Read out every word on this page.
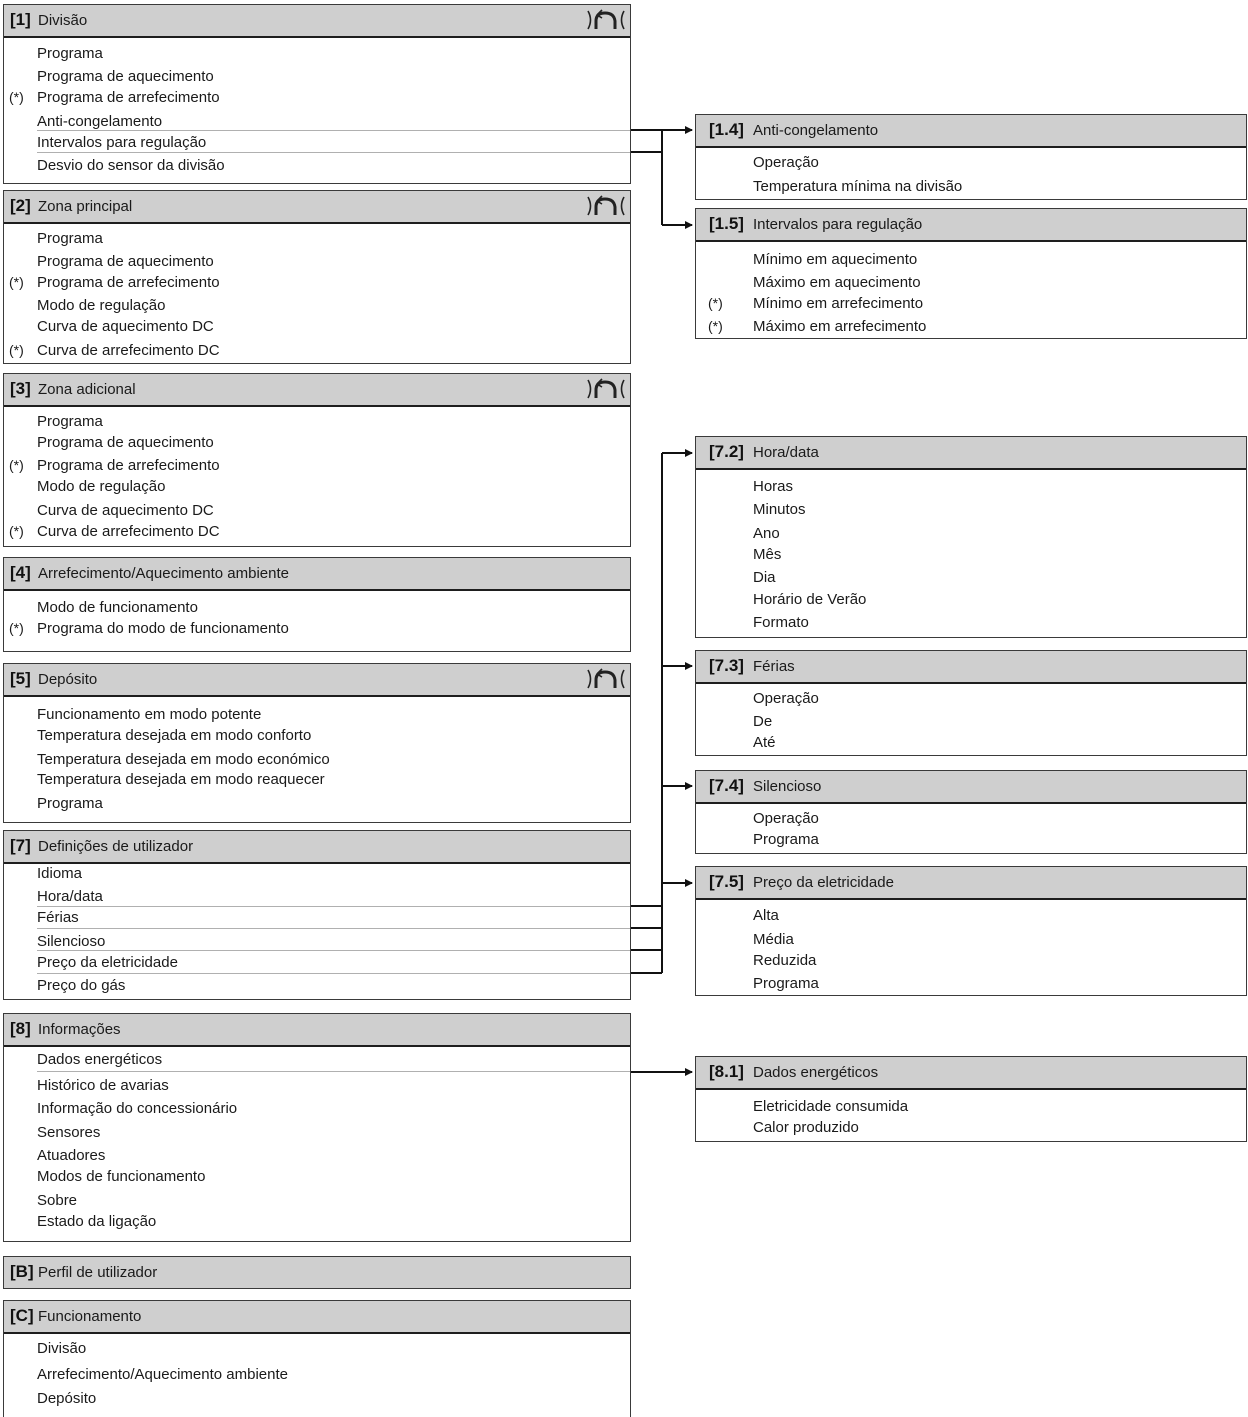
[1] Divisão
Programa
Programa de aquecimento
(*) Programa de arrefecimento
Anti-congelamento
Intervalos para regulação
Desvio do sensor da divisão
[2] Zona principal
Programa
Programa de aquecimento
(*) Programa de arrefecimento
Modo de regulação
Curva de aquecimento DC
(*) Curva de arrefecimento DC
[3] Zona adicional
Programa
Programa de aquecimento
(*) Programa de arrefecimento
Modo de regulação
Curva de aquecimento DC
(*) Curva de arrefecimento DC
[4] Arrefecimento/Aquecimento ambiente
Modo de funcionamento
(*) Programa do modo de funcionamento
[5] Depósito
Funcionamento em modo potente
Temperatura desejada em modo conforto
Temperatura desejada em modo económico
Temperatura desejada em modo reaquecer
Programa
[7] Definições de utilizador
Idioma
Hora/data
Férias
Silencioso
Preço da eletricidade
Preço do gás
[8] Informações
Dados energéticos
Histórico de avarias
Informação do concessionário
Sensores
Atuadores
Modos de funcionamento
Sobre
Estado da ligação
[B] Perfil de utilizador
[C] Funcionamento
Divisão
Arrefecimento/Aquecimento ambiente
Depósito
[1.4] Anti-congelamento
Operação
Temperatura mínima na divisão
[1.5] Intervalos para regulação
Mínimo em aquecimento
Máximo em aquecimento
(*) Mínimo em arrefecimento
(*) Máximo em arrefecimento
[7.2] Hora/data
Horas
Minutos
Ano
Mês
Dia
Horário de Verão
Formato
[7.3] Férias
Operação
De
Até
[7.4] Silencioso
Operação
Programa
[7.5] Preço da eletricidade
Alta
Média
Reduzida
Programa
[8.1] Dados energéticos
Eletricidade consumida
Calor produzido
